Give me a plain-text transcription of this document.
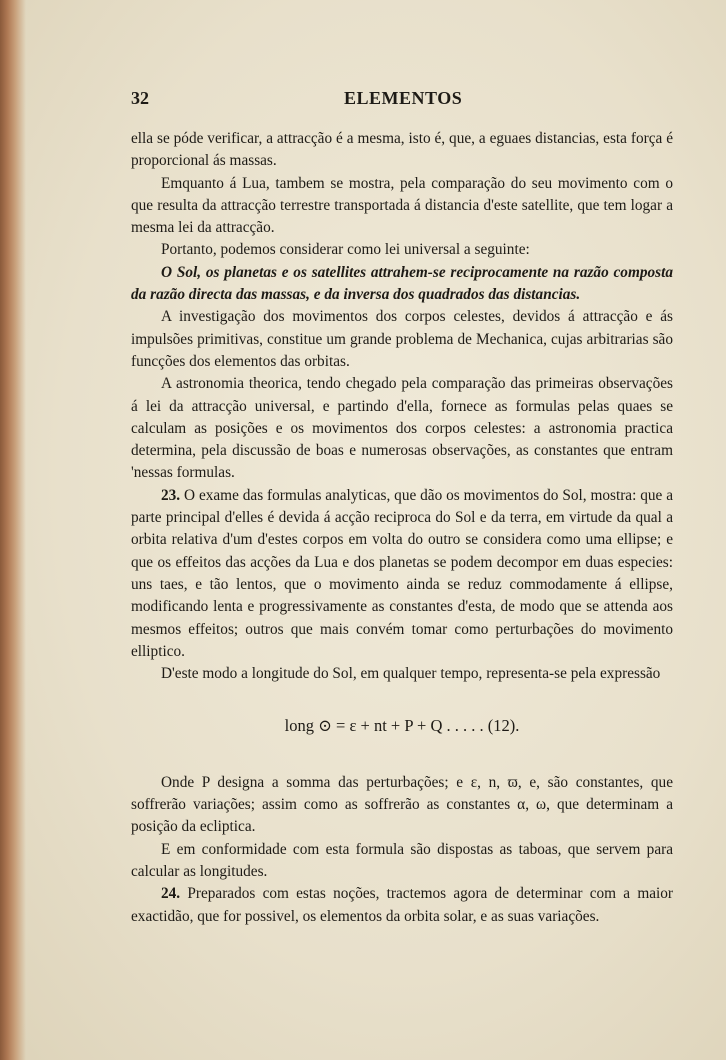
32	ELEMENTOS

ella se póde verificar, a attracção é a mesma, isto é, que, a eguaes distancias, esta força é proporcional ás massas.

Emquanto á Lua, tambem se mostra, pela comparação do seu movimento com o que resulta da attracção terrestre transportada á distancia d'este satellite, que tem logar a mesma lei da attracção.

Portanto, podemos considerar como lei universal a seguinte:

O Sol, os planetas e os satellites attrahem-se reciprocamente na razão composta da razão directa das massas, e da inversa dos quadrados das distancias.

A investigação dos movimentos dos corpos celestes, devidos á attracção e ás impulsões primitivas, constitue um grande problema de Mechanica, cujas arbitrarias são funcções dos elementos das orbitas.

A astronomia theorica, tendo chegado pela comparação das primeiras observações á lei da attracção universal, e partindo d'ella, fornece as formulas pelas quaes se calculam as posições e os movimentos dos corpos celestes: a astronomia practica determina, pela discussão de boas e numerosas observações, as constantes que entram 'nessas formulas.

23. O exame das formulas analyticas, que dão os movimentos do Sol, mostra: que a parte principal d'elles é devida á acção reciproca do Sol e da terra, em virtude da qual a orbita relativa d'um d'estes corpos em volta do outro se considera como uma ellipse; e que os effeitos das acções da Lua e dos planetas se podem decompor em duas especies: uns taes, e tão lentos, que o movimento ainda se reduz commodamente á ellipse, modificando lenta e progressivamente as constantes d'esta, de modo que se attenda aos mesmos effeitos; outros que mais convém tomar como perturbações do movimento elliptico.

D'este modo a longitude do Sol, em qualquer tempo, representa-se pela expressão

long ⊙ = ε + nt + P + Q . . . . . (12).

Onde P designa a somma das perturbações; e ε, n, ϖ, e, são constantes, que soffrerão variações; assim como as soffrerão as constantes α, ω, que determinam a posição da ecliptica.

E em conformidade com esta formula são dispostas as taboas, que servem para calcular as longitudes.

24. Preparados com estas noções, tractemos agora de determinar com a maior exactidão, que for possivel, os elementos da orbita solar, e as suas variações.
